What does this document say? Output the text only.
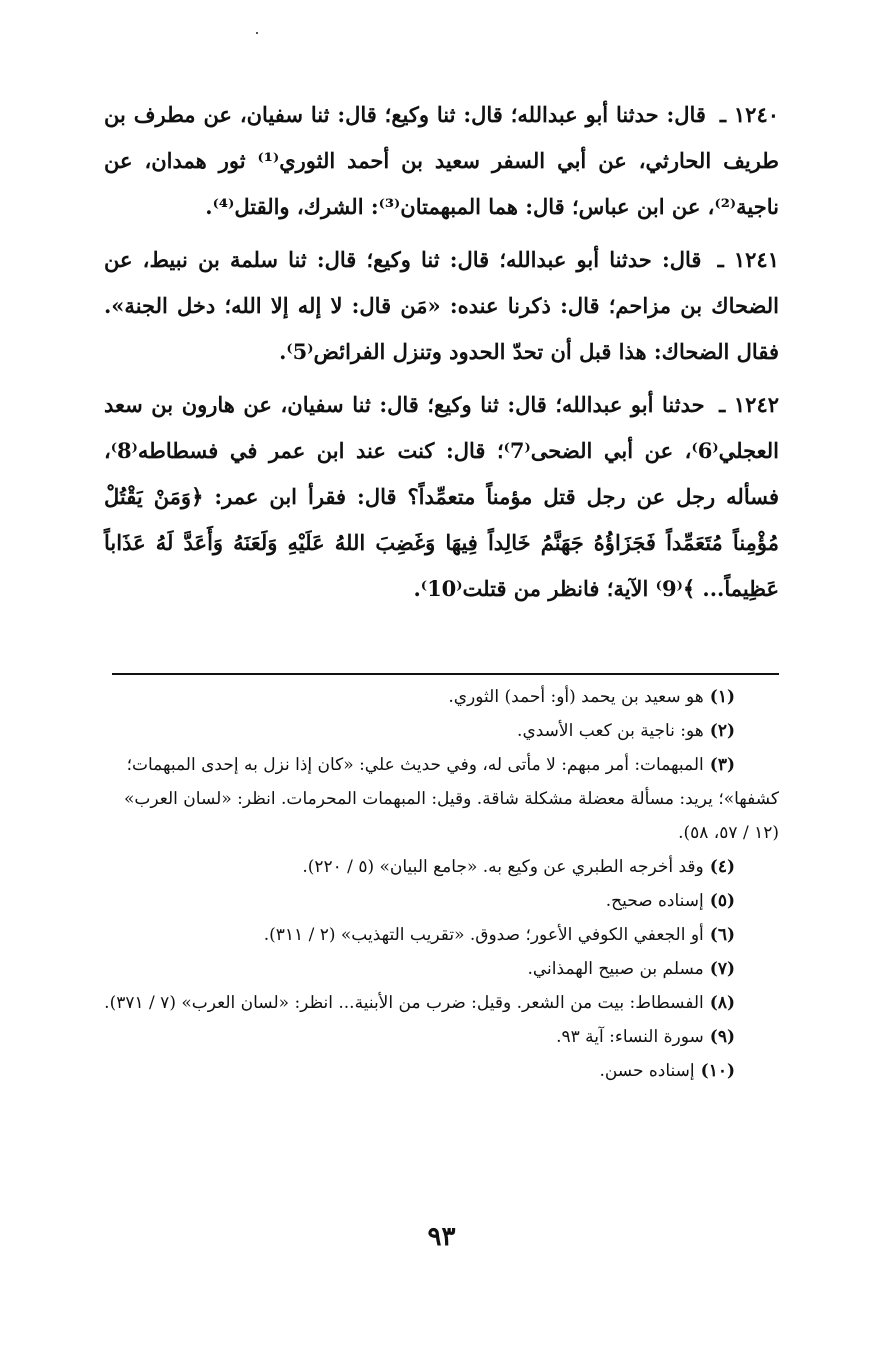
١٢٤٠ ـ قال: حدثنا أبو عبدالله؛ قال: ثنا وكيع؛ قال: ثنا سفيان، عن مطرف بن طريف الحارثي، عن أبي السفر سعيد بن أحمد الثوري⁽¹⁾ ثور همدان، عن ناجية⁽²⁾، عن ابن عباس؛ قال: هما المبهمتان⁽³⁾: الشرك، والقتل⁽⁴⁾.

١٢٤١ ـ قال: حدثنا أبو عبدالله؛ قال: ثنا وكيع؛ قال: ثنا سلمة بن نبيط، عن الضحاك بن مزاحم؛ قال: ذكرنا عنده: «مَن قال: لا إله إلا الله؛ دخل الجنة». فقال الضحاك: هذا قبل أن تحدّ الحدود وتنزل الفرائض⁽5⁾.

١٢٤٢ ـ حدثنا أبو عبدالله؛ قال: ثنا وكيع؛ قال: ثنا سفيان، عن هارون بن سعد العجلي⁽6⁾، عن أبي الضحى⁽7⁾؛ قال: كنت عند ابن عمر في فسطاطه⁽8⁾، فسأله رجل عن رجل قتل مؤمناً متعمِّداً؟ قال: فقرأ ابن عمر: ﴿وَمَنْ يَقْتُلْ مُؤْمِناً مُتَعَمِّداً فَجَزَاؤُهُ جَهَنَّمُ خَالِداً فِيهَا وَغَضِبَ اللهُ عَلَيْهِ وَلَعَنَهُ وَأَعَدَّ لَهُ عَذَاباً عَظِيماً... ﴾⁽9⁾ الآية؛ فانظر من قتلت⁽10⁾.

(١)هو سعيد بن يحمد (أو: أحمد) الثوري.

(٢)هو: ناجية بن كعب الأسدي.

(٣)المبهمات: أمر مبهم: لا مأتى له، وفي حديث علي: «كان إذا نزل به إحدى المبهمات؛ كشفها»؛ يريد: مسألة معضلة مشكلة شاقة. وقيل: المبهمات المحرمات. انظر: «لسان العرب» (١٢ / ٥٧، ٥٨).

(٤)وقد أخرجه الطبري عن وكيع به. «جامع البيان» (٥ / ٢٢٠).

(٥)إسناده صحيح.

(٦)أو الجعفي الكوفي الأعور؛ صدوق. «تقريب التهذيب» (٢ / ٣١١).

(٧)مسلم بن صبيح الهمذاني.

(٨)الفسطاط: بيت من الشعر. وقيل: ضرب من الأبنية... انظر: «لسان العرب» (٧ / ٣٧١).

(٩)سورة النساء: آية ٩٣.

(١٠)إسناده حسن.

٩٣
